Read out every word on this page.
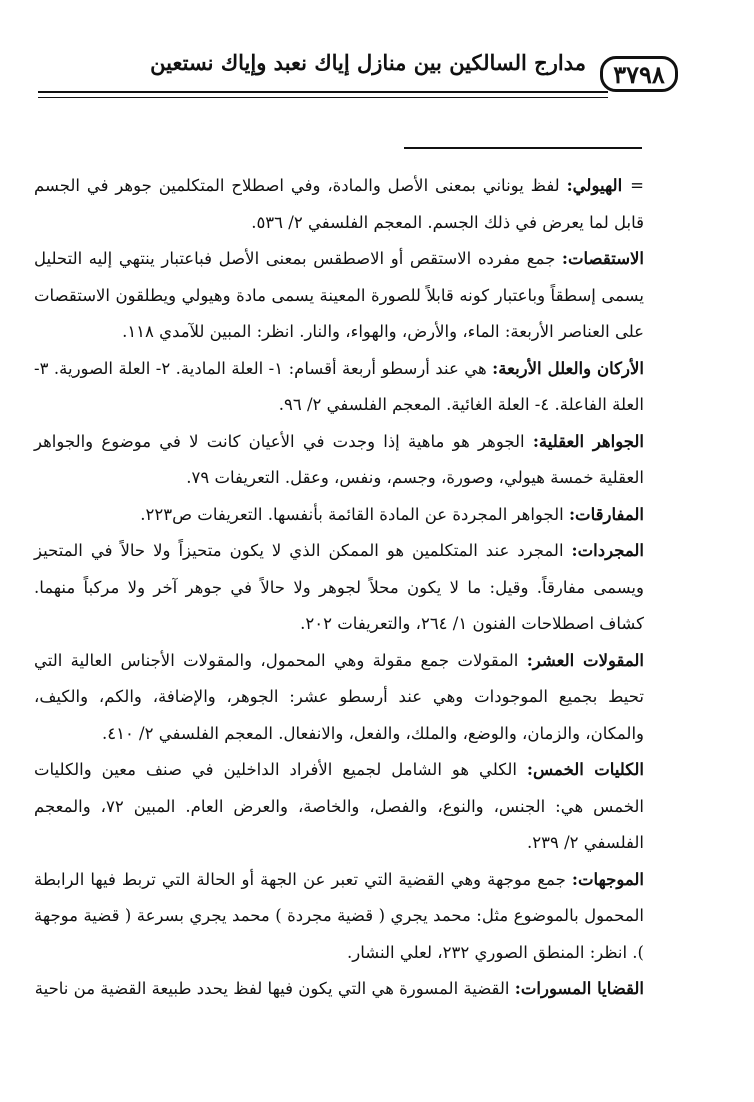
مدارج السالكين بين منازل إياك نعبد وإياك نستعين	٣٧٩٨

=الهيولي: لفظ يوناني بمعنى الأصل والمادة، وفي اصطلاح المتكلمين جوهر في الجسم قابل لما يعرض في ذلك الجسم. المعجم الفلسفي ٢/ ٥٣٦.

الاستقصات: جمع مفرده الاستقص أو الاصطقس بمعنى الأصل فباعتبار ينتهي إليه التحليل يسمى إسطقاً وباعتبار كونه قابلاً للصورة المعينة يسمى مادة وهيولي ويطلقون الاستقصات على العناصر الأربعة: الماء، والأرض، والهواء، والنار. انظر: المبين للآمدي ١١٨.

الأركان والعلل الأربعة: هي عند أرسطو أربعة أقسام: ١- العلة المادية. ٢- العلة الصورية. ٣- العلة الفاعلة. ٤- العلة الغائية. المعجم الفلسفي ٢/ ٩٦.

الجواهر العقلية: الجوهر هو ماهية إذا وجدت في الأعيان كانت لا في موضوع والجواهر العقلية خمسة هيولي، وصورة، وجسم، ونفس، وعقل. التعريفات ٧٩.

المفارقات: الجواهر المجردة عن المادة القائمة بأنفسها. التعريفات ص٢٢٣.

المجردات: المجرد عند المتكلمين هو الممكن الذي لا يكون متحيزاً ولا حالاً في المتحيز ويسمى مفارقاً. وقيل: ما لا يكون محلاً لجوهر ولا حالاً في جوهر آخر ولا مركباً منهما. كشاف اصطلاحات الفنون ١/ ٢٦٤، والتعريفات ٢٠٢.

المقولات العشر: المقولات جمع مقولة وهي المحمول، والمقولات الأجناس العالية التي تحيط بجميع الموجودات وهي عند أرسطو عشر: الجوهر، والإضافة، والكم، والكيف، والمكان، والزمان، والوضع، والملك، والفعل، والانفعال. المعجم الفلسفي ٢/ ٤١٠.

الكليات الخمس: الكلي هو الشامل لجميع الأفراد الداخلين في صنف معين والكليات الخمس هي: الجنس، والنوع، والفصل، والخاصة، والعرض العام. المبين ٧٢، والمعجم الفلسفي ٢/ ٢٣٩.

الموجهات: جمع موجهة وهي القضية التي تعبر عن الجهة أو الحالة التي تربط فيها الرابطة المحمول بالموضوع مثل: محمد يجري ( قضية مجردة ) محمد يجري بسرعة ( قضية موجهة ). انظر: المنطق الصوري ٢٣٢، لعلي النشار.

القضايا المسورات: القضية المسورة هي التي يكون فيها لفظ يحدد طبيعة القضية من ناحية
